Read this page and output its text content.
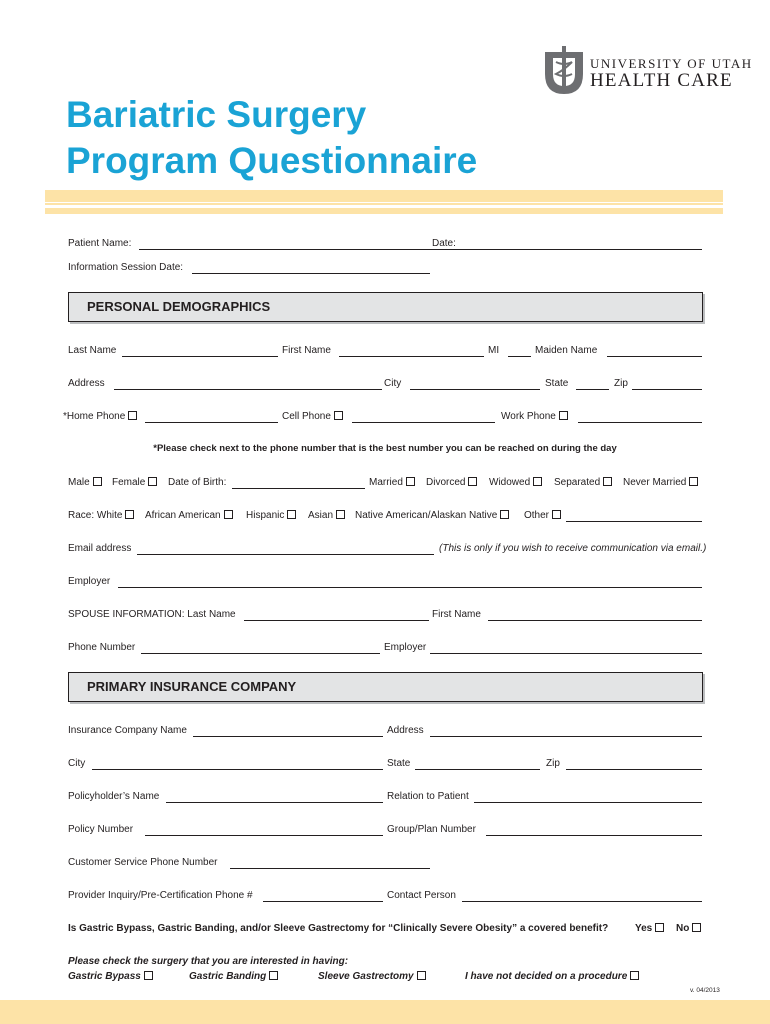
UNIVERSITY OF UTAH
HEALTH CARE
Bariatric Surgery
Program Questionnaire
Patient Name:	Date:
Information Session Date:
PERSONAL DEMOGRAPHICS
Last Name	First Name	MI	Maiden Name
Address	City	State	Zip
*Home Phone	Cell Phone	Work Phone
*Please check next to the phone number that is the best number you can be reached on during the day
Male	Female	Date of Birth:	Married	Divorced	Widowed	Separated	Never Married
Race: White	African American	Hispanic	Asian	Native American/Alaskan Native	Other
Email address	(This is only if you wish to receive communication via email.)
Employer
SPOUSE INFORMATION: Last Name	First Name
Phone Number	Employer
PRIMARY INSURANCE COMPANY
Insurance Company Name	Address
City	State	Zip
Policyholder’s Name	Relation to Patient
Policy Number	Group/Plan Number
Customer Service Phone Number
Provider Inquiry/Pre-Certification Phone #	Contact Person
Is Gastric Bypass, Gastric Banding, and/or Sleeve Gastrectomy for “Clinically Severe Obesity” a covered benefit?	Yes	No
Please check the surgery that you are interested in having:
Gastric Bypass	Gastric Banding	Sleeve Gastrectomy	I have not decided on a procedure
v. 04/2013
